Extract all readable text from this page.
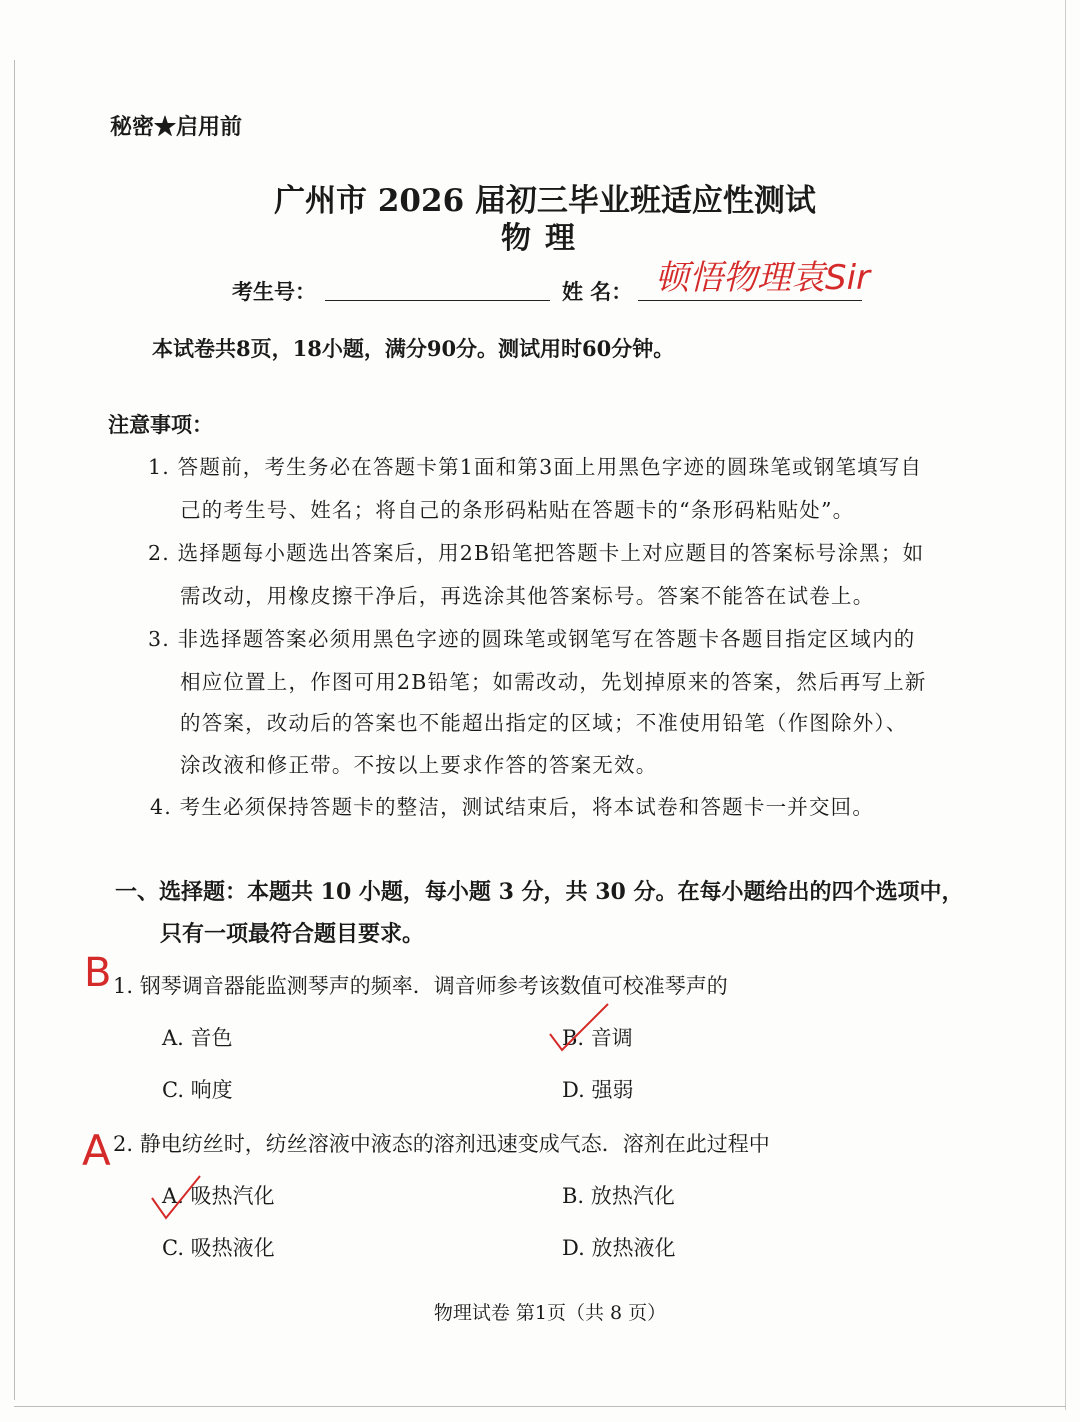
秘密★启用前
广州市 2026 届初三毕业班适应性测试
物理
考生号：	姓 名： 顿悟物理袁Sir
本试卷共8页，18小题，满分90分。测试用时60分钟。
注意事项：
1. 答题前，考生务必在答题卡第1面和第3面上用黑色字迹的圆珠笔或钢笔填写自
己的考生号、姓名；将自己的条形码粘贴在答题卡的“条形码粘贴处”。
2. 选择题每小题选出答案后，用2B铅笔把答题卡上对应题目的答案标号涂黑；如
需改动，用橡皮擦干净后，再选涂其他答案标号。答案不能答在试卷上。
3. 非选择题答案必须用黑色字迹的圆珠笔或钢笔写在答题卡各题目指定区域内的
相应位置上，作图可用2B铅笔；如需改动，先划掉原来的答案，然后再写上新
的答案，改动后的答案也不能超出指定的区域；不准使用铅笔（作图除外）、
涂改液和修正带。不按以上要求作答的答案无效。
4. 考生必须保持答题卡的整洁，测试结束后，将本试卷和答题卡一并交回。
一、选择题：本题共 10 小题，每小题 3 分，共 30 分。在每小题给出的四个选项中，
只有一项最符合题目要求。
B 1. 钢琴调音器能监测琴声的频率．调音师参考该数值可校准琴声的
A. 音色	B. 音调
C. 响度	D. 强弱
A 2. 静电纺丝时，纺丝溶液中液态的溶剂迅速变成气态．溶剂在此过程中
A. 吸热汽化	B. 放热汽化
C. 吸热液化	D. 放热液化
物理试卷 第1页（共 8 页）
